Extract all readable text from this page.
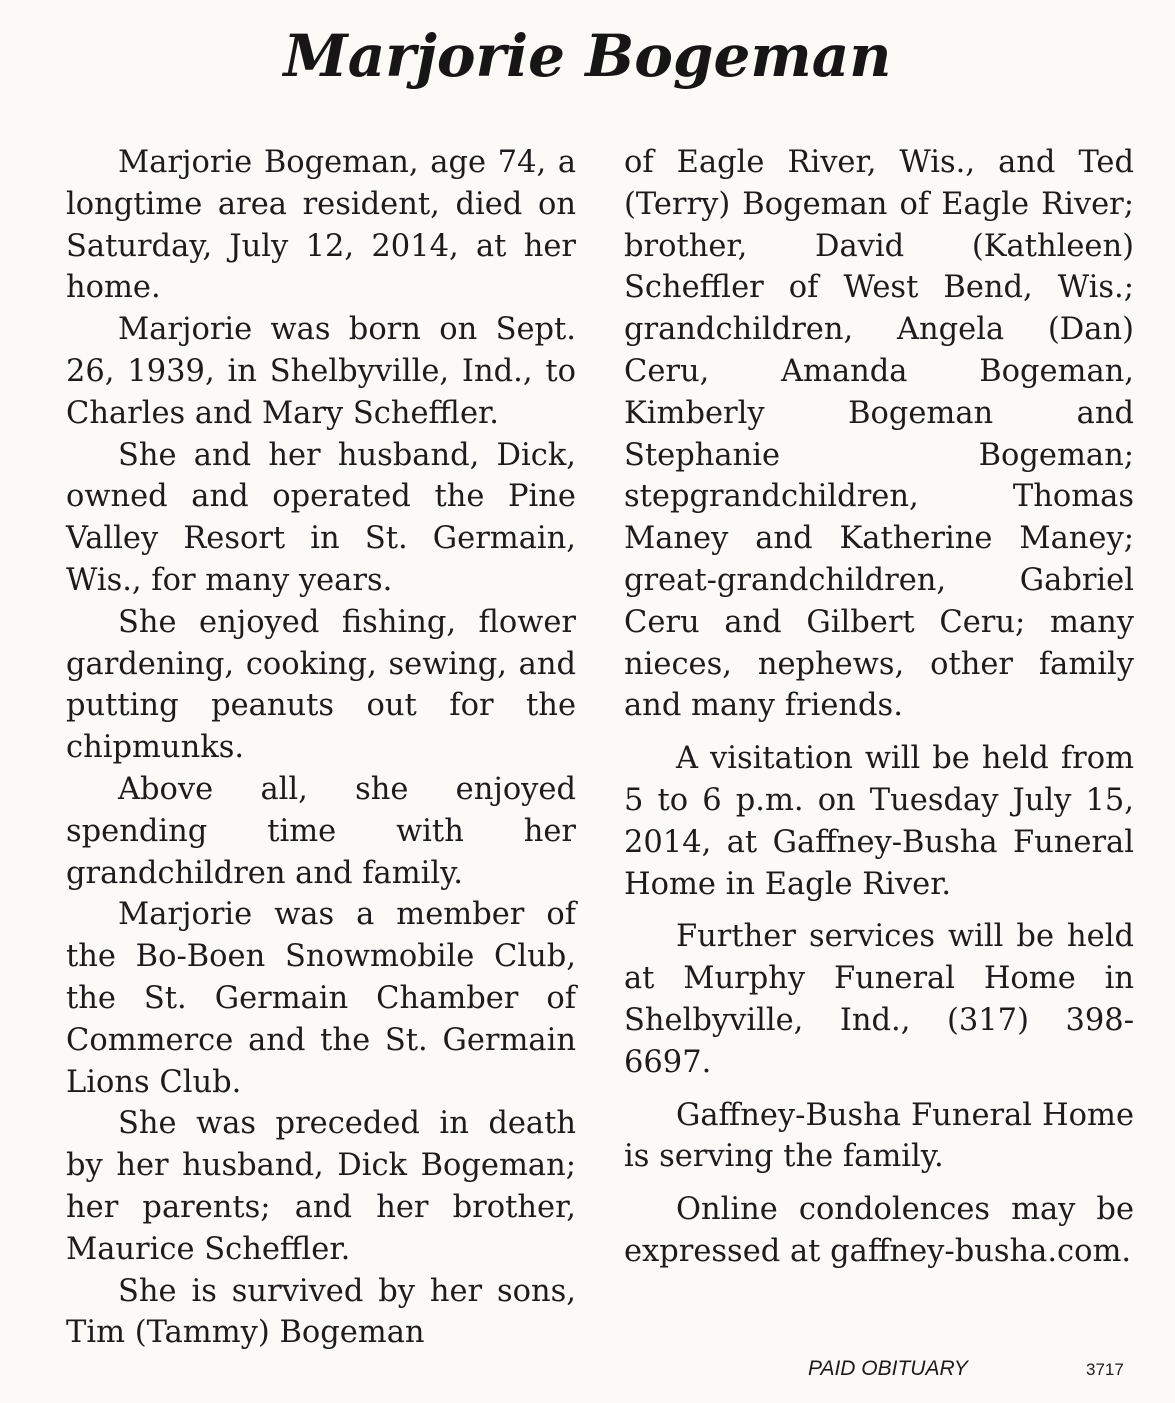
Marjorie Bogeman

Marjorie Bogeman, age 74, a longtime area resident, died on Saturday, July 12, 2014, at her home.

Marjorie was born on Sept. 26, 1939, in Shelbyville, Ind., to Charles and Mary Scheffler.

She and her husband, Dick, owned and operated the Pine Valley Resort in St. Germain, Wis., for many years.

She enjoyed fishing, flower gardening, cooking, sewing, and putting peanuts out for the chipmunks.

Above all, she enjoyed spending time with her grandchildren and family.

Marjorie was a member of the Bo-Boen Snowmobile Club, the St. Germain Chamber of Commerce and the St. Germain Lions Club.

She was preceded in death by her husband, Dick Bogeman; her parents; and her brother, Maurice Scheffler.

She is survived by her sons, Tim (Tammy) Bogeman

of Eagle River, Wis., and Ted (Terry) Bogeman of Eagle River; brother, David (Kathleen) Scheffler of West Bend, Wis.; grandchildren, Angela (Dan) Ceru, Amanda Bogeman, Kimberly Bogeman and Stephanie Bogeman; stepgrandchildren, Thomas Maney and Katherine Maney; great-grandchildren, Gabriel Ceru and Gilbert Ceru; many nieces, nephews, other family and many friends.

A visitation will be held from 5 to 6 p.m. on Tuesday July 15, 2014, at Gaffney-Busha Funeral Home in Eagle River.

Further services will be held at Murphy Funeral Home in Shelbyville, Ind., (317) 398-6697.

Gaffney-Busha Funeral Home is serving the family.

Online condolences may be expressed at gaffney-busha.com.

PAID OBITUARY	3717
